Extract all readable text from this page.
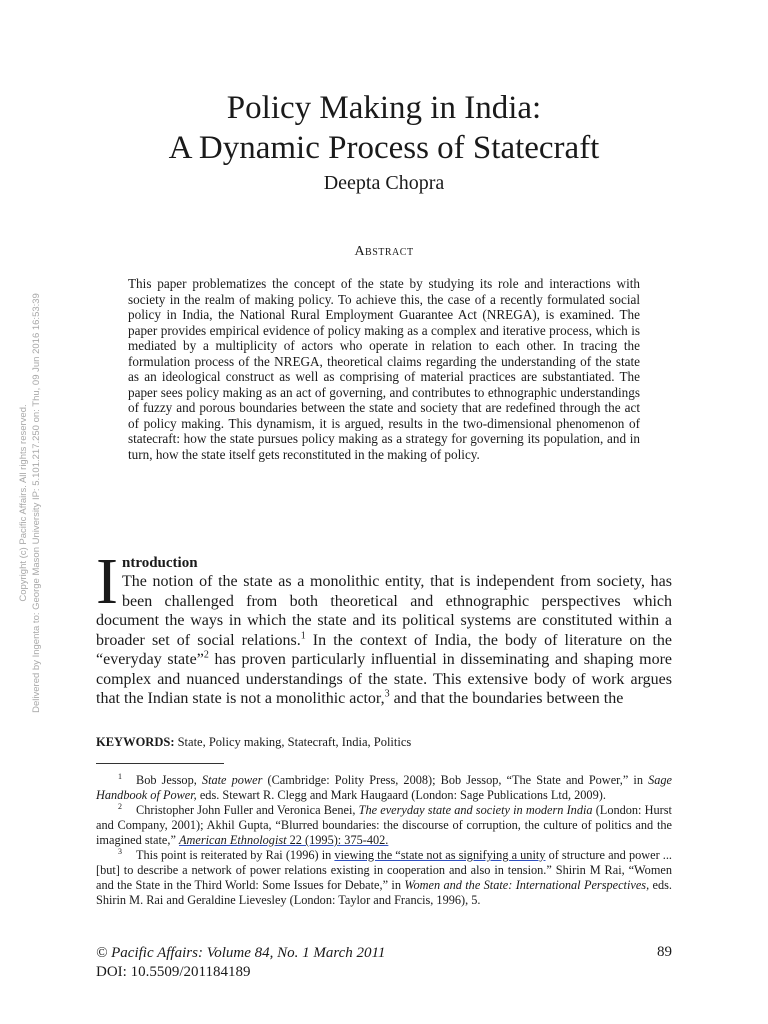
Copyright (c) Pacific Affairs. All rights reserved. Delivered by Ingenta to: George Mason University IP: 5.101.217.250 on: Thu, 09 Jun 2016 16:53:39
Policy Making in India:
A Dynamic Process of Statecraft
Deepta Chopra
Abstract
This paper problematizes the concept of the state by studying its role and interactions with society in the realm of making policy. To achieve this, the case of a recently formulated social policy in India, the National Rural Employment Guarantee Act (NREGA), is examined. The paper provides empirical evidence of policy making as a complex and iterative process, which is mediated by a multiplicity of actors who operate in relation to each other. In tracing the formulation process of the NREGA, theoretical claims regarding the understanding of the state as an ideological construct as well as comprising of material practices are substantiated. The paper sees policy making as an act of governing, and contributes to ethnographic understandings of fuzzy and porous boundaries between the state and society that are redefined through the act of policy making. This dynamism, it is argued, results in the two-dimensional phenomenon of statecraft: how the state pursues policy making as a strategy for governing its population, and in turn, how the state itself gets reconstituted in the making of policy.
I ntroduction

The notion of the state as a monolithic entity, that is independent from society, has been challenged from both theoretical and ethnographic perspectives which document the ways in which the state and its political systems are constituted within a broader set of social relations.$^1$ In the context of India, the body of literature on the “everyday state”$^2$ has proven particularly influential in disseminating and shaping more complex and nuanced understandings of the state. This extensive body of work argues that the Indian state is not a monolithic actor,$^3$ and that the boundaries between the

KEYWORDS: State, Policy making, Statecraft, India, Politics

$^1$ Bob Jessop, State power (Cambridge: Polity Press, 2008); Bob Jessop, “The State and Power,” in Sage Handbook of Power, eds. Stewart R. Clegg and Mark Haugaard (London: Sage Publications Ltd, 2009).

$^2$ Christopher John Fuller and Veronica Benei, The everyday state and society in modern India (London: Hurst and Company, 2001); Akhil Gupta, “Blurred boundaries: the discourse of corruption, the culture of politics and the imagined state,” American Ethnologist 22 (1995): 375-402.

$^3$ This point is reiterated by Rai (1996) in viewing the “state not as signifying a unity of structure and power ... [but] to describe a network of power relations existing in cooperation and also in tension.” Shirin M Rai, “Women and the State in the Third World: Some Issues for Debate,” in Women and the State: International Perspectives, eds. Shirin M. Rai and Geraldine Lievesley (London: Taylor and Francis, 1996), 5.

© Pacific Affairs: Volume 84, No. 1 March 2011
DOI: 10.5509/201184189
89
